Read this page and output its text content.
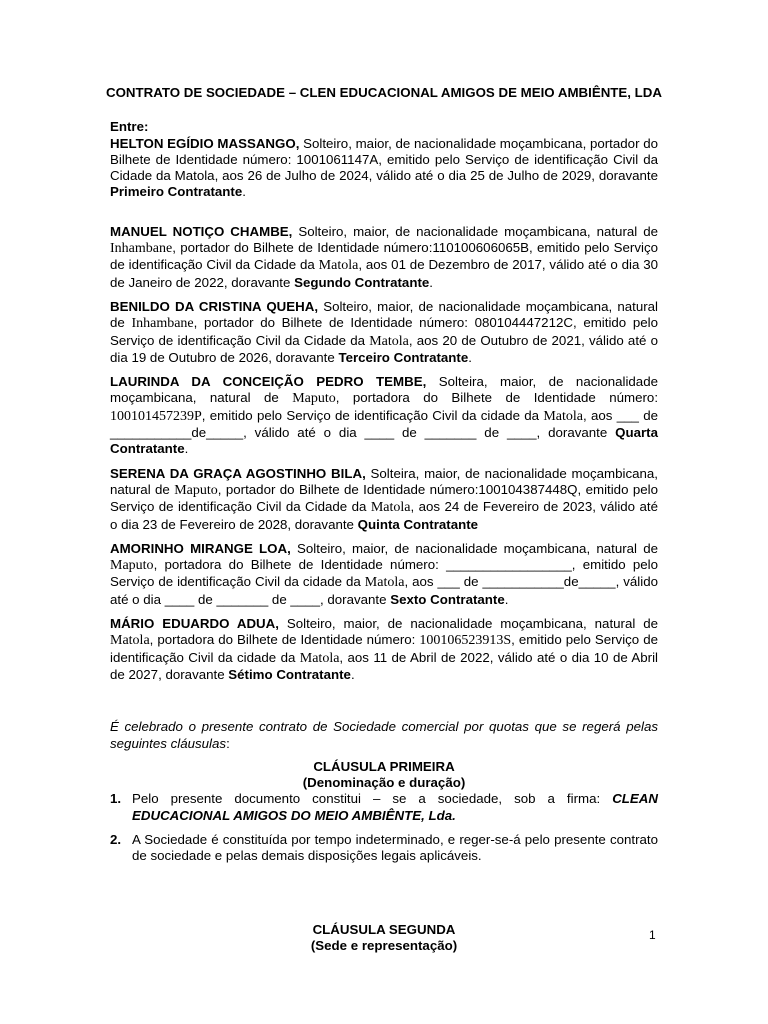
CONTRATO DE SOCIEDADE – CLEN EDUCACIONAL AMIGOS DE MEIO AMBIÊNTE, LDA

Entre:

HELTON EGÍDIO MASSANGO, Solteiro, maior, de nacionalidade moçambicana, portador do Bilhete de Identidade número: 1001061147A, emitido pelo Serviço de identificação Civil da Cidade da Matola, aos 26 de Julho de 2024, válido até o dia 25 de Julho de 2029, doravante Primeiro Contratante.

MANUEL NOTIÇO CHAMBE, Solteiro, maior, de nacionalidade moçambicana, natural de Inhambane, portador do Bilhete de Identidade número:110100606065B, emitido pelo Serviço de identificação Civil da Cidade da Matola, aos 01 de Dezembro de 2017, válido até o dia 30 de Janeiro de 2022, doravante Segundo Contratante.

BENILDO DA CRISTINA QUEHA, Solteiro, maior, de nacionalidade moçambicana, natural de Inhambane, portador do Bilhete de Identidade número: 080104447212C, emitido pelo Serviço de identificação Civil da Cidade da Matola, aos 20 de Outubro de 2021, válido até o dia 19 de Outubro de 2026, doravante Terceiro Contratante.

LAURINDA DA CONCEIÇÃO PEDRO TEMBE, Solteira, maior, de nacionalidade moçambicana, natural de Maputo, portadora do Bilhete de Identidade número: 100101457239P, emitido pelo Serviço de identificação Civil da cidade da Matola, aos ___ de ___________de_____, válido até o dia ____ de _______ de ____, doravante Quarta Contratante.

SERENA DA GRAÇA AGOSTINHO BILA, Solteira, maior, de nacionalidade moçambicana, natural de Maputo, portador do Bilhete de Identidade número:100104387448Q, emitido pelo Serviço de identificação Civil da Cidade da Matola, aos 24 de Fevereiro de 2023, válido até o dia 23 de Fevereiro de 2028, doravante Quinta Contratante

AMORINHO MIRANGE LOA, Solteiro, maior, de nacionalidade moçambicana, natural de Maputo, portadora do Bilhete de Identidade número: _________________, emitido pelo Serviço de identificação Civil da cidade da Matola, aos ___ de ___________de_____, válido até o dia ____ de _______ de ____, doravante Sexto Contratante.

MÁRIO EDUARDO ADUA, Solteiro, maior, de nacionalidade moçambicana, natural de Matola, portadora do Bilhete de Identidade número: 100106523913S, emitido pelo Serviço de identificação Civil da cidade da Matola, aos 11 de Abril de 2022, válido até o dia 10 de Abril de 2027, doravante Sétimo Contratante.

É celebrado o presente contrato de Sociedade comercial por quotas que se regerá pelas seguintes cláusulas:

CLÁUSULA PRIMEIRA

(Denominação e duração)

1. Pelo presente documento constitui – se a sociedade, sob a firma: CLEAN EDUCACIONAL AMIGOS DO MEIO AMBIÊNTE, Lda.
2. A Sociedade é constituída por tempo indeterminado, e reger-se-á pelo presente contrato de sociedade e pelas demais disposições legais aplicáveis.

CLÁUSULA SEGUNDA

(Sede e representação)

1
